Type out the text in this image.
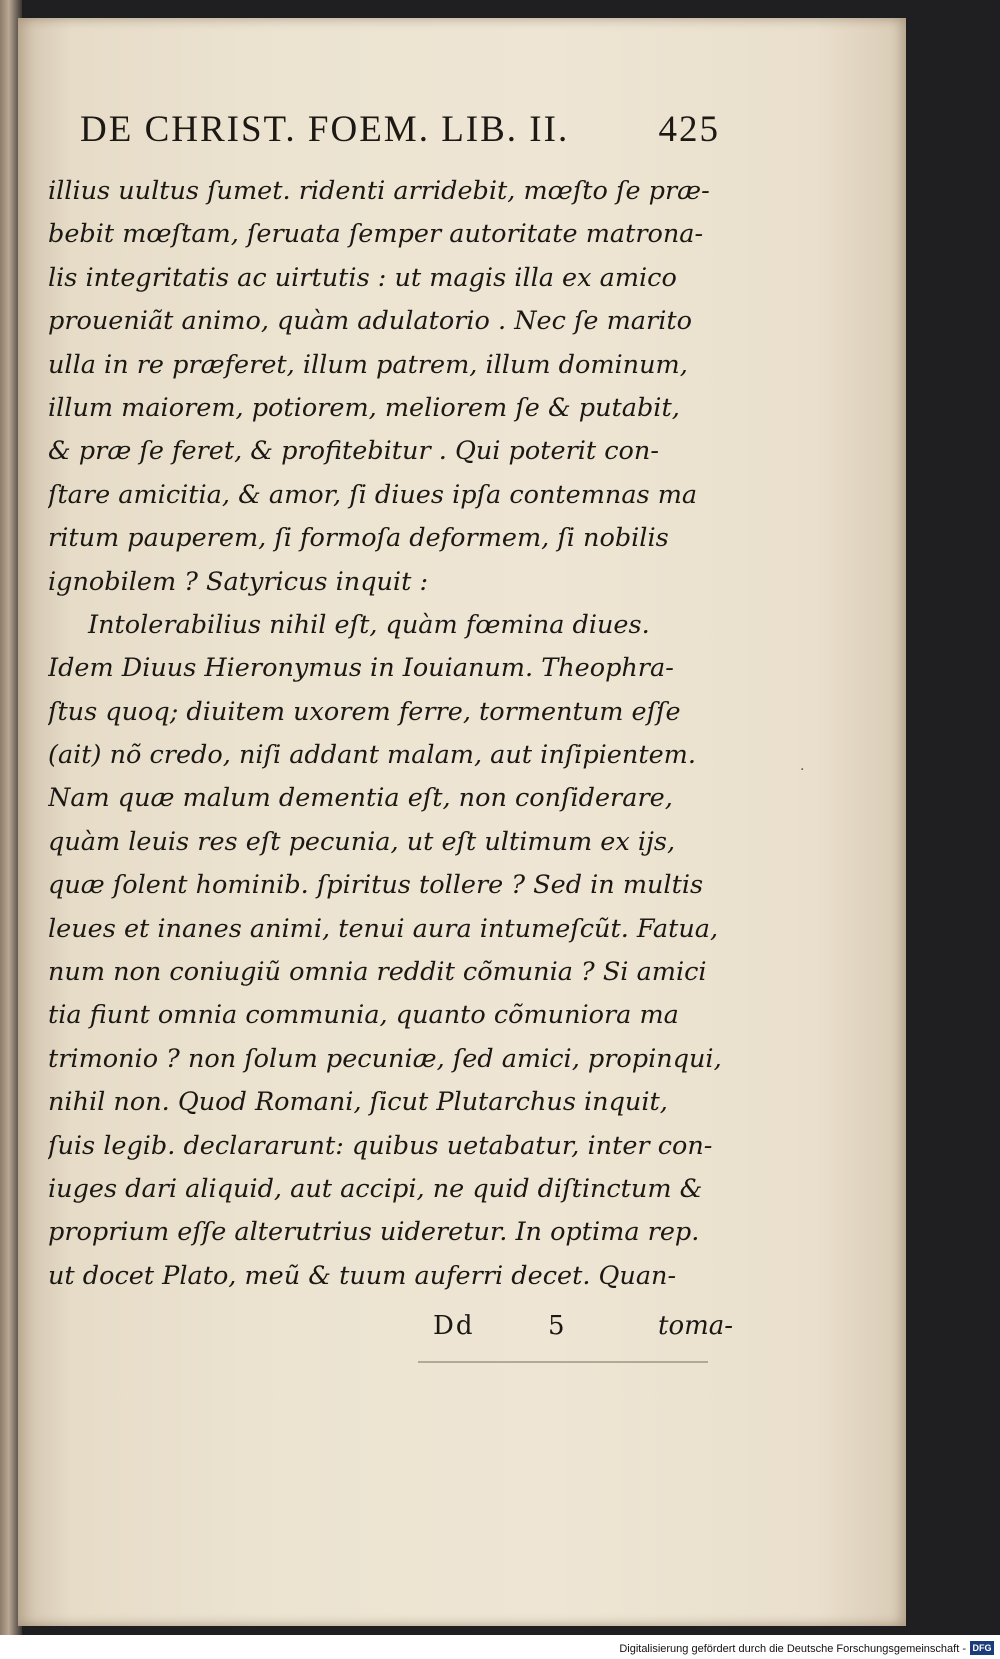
DE CHRIST. FOEM. LIB. II. 425
illius uultus ſumet. ridenti arridebit, mœſto ſe præ-
bebit mœſtam, ſeruata ſemper autoritate matrona-
lis integritatis ac uirtutis : ut magis illa ex amico
proueniãt animo, quàm adulatorio . Nec ſe marito
ulla in re præferet, illum patrem, illum dominum,
illum maiorem, potiorem, meliorem ſe & putabit,
& præ ſe feret, & profitebitur . Qui poterit con-
ſtare amicitia, & amor, ſi diues ipſa contemnas ma
ritum pauperem, ſi formoſa deformem, ſi nobilis
ignobilem ? Satyricus inquit :
Intolerabilius nihil eſt, quàm fœmina diues.
Idem Diuus Hieronymus in Iouianum. Theophra-
ſtus quoq; diuitem uxorem ferre, tormentum eſſe
(ait) nõ credo, niſi addant malam, aut inſipientem.
Nam quæ malum dementia eſt, non conſiderare,
quàm leuis res eſt pecunia, ut eſt ultimum ex ijs,
quæ ſolent hominib. ſpiritus tollere ? Sed in multis
leues et inanes animi, tenui aura intumeſcũt. Fatua,
num non coniugiũ omnia reddit cõmunia ? Si amici
tia fiunt omnia communia, quanto cõmuniora ma
trimonio ? non ſolum pecuniæ, ſed amici, propinqui,
nihil non. Quod Romani, ſicut Plutarchus inquit,
ſuis legib. declararunt: quibus uetabatur, inter con-
iuges dari aliquid, aut accipi, ne quid diſtinctum &
proprium eſſe alterutrius uideretur. In optima rep.
ut docet Plato, meũ & tuum auferri decet. Quan-
.
Dd	5	toma-
Digitalisierung gefördert durch die Deutsche Forschungsgemeinschaft - DFG
